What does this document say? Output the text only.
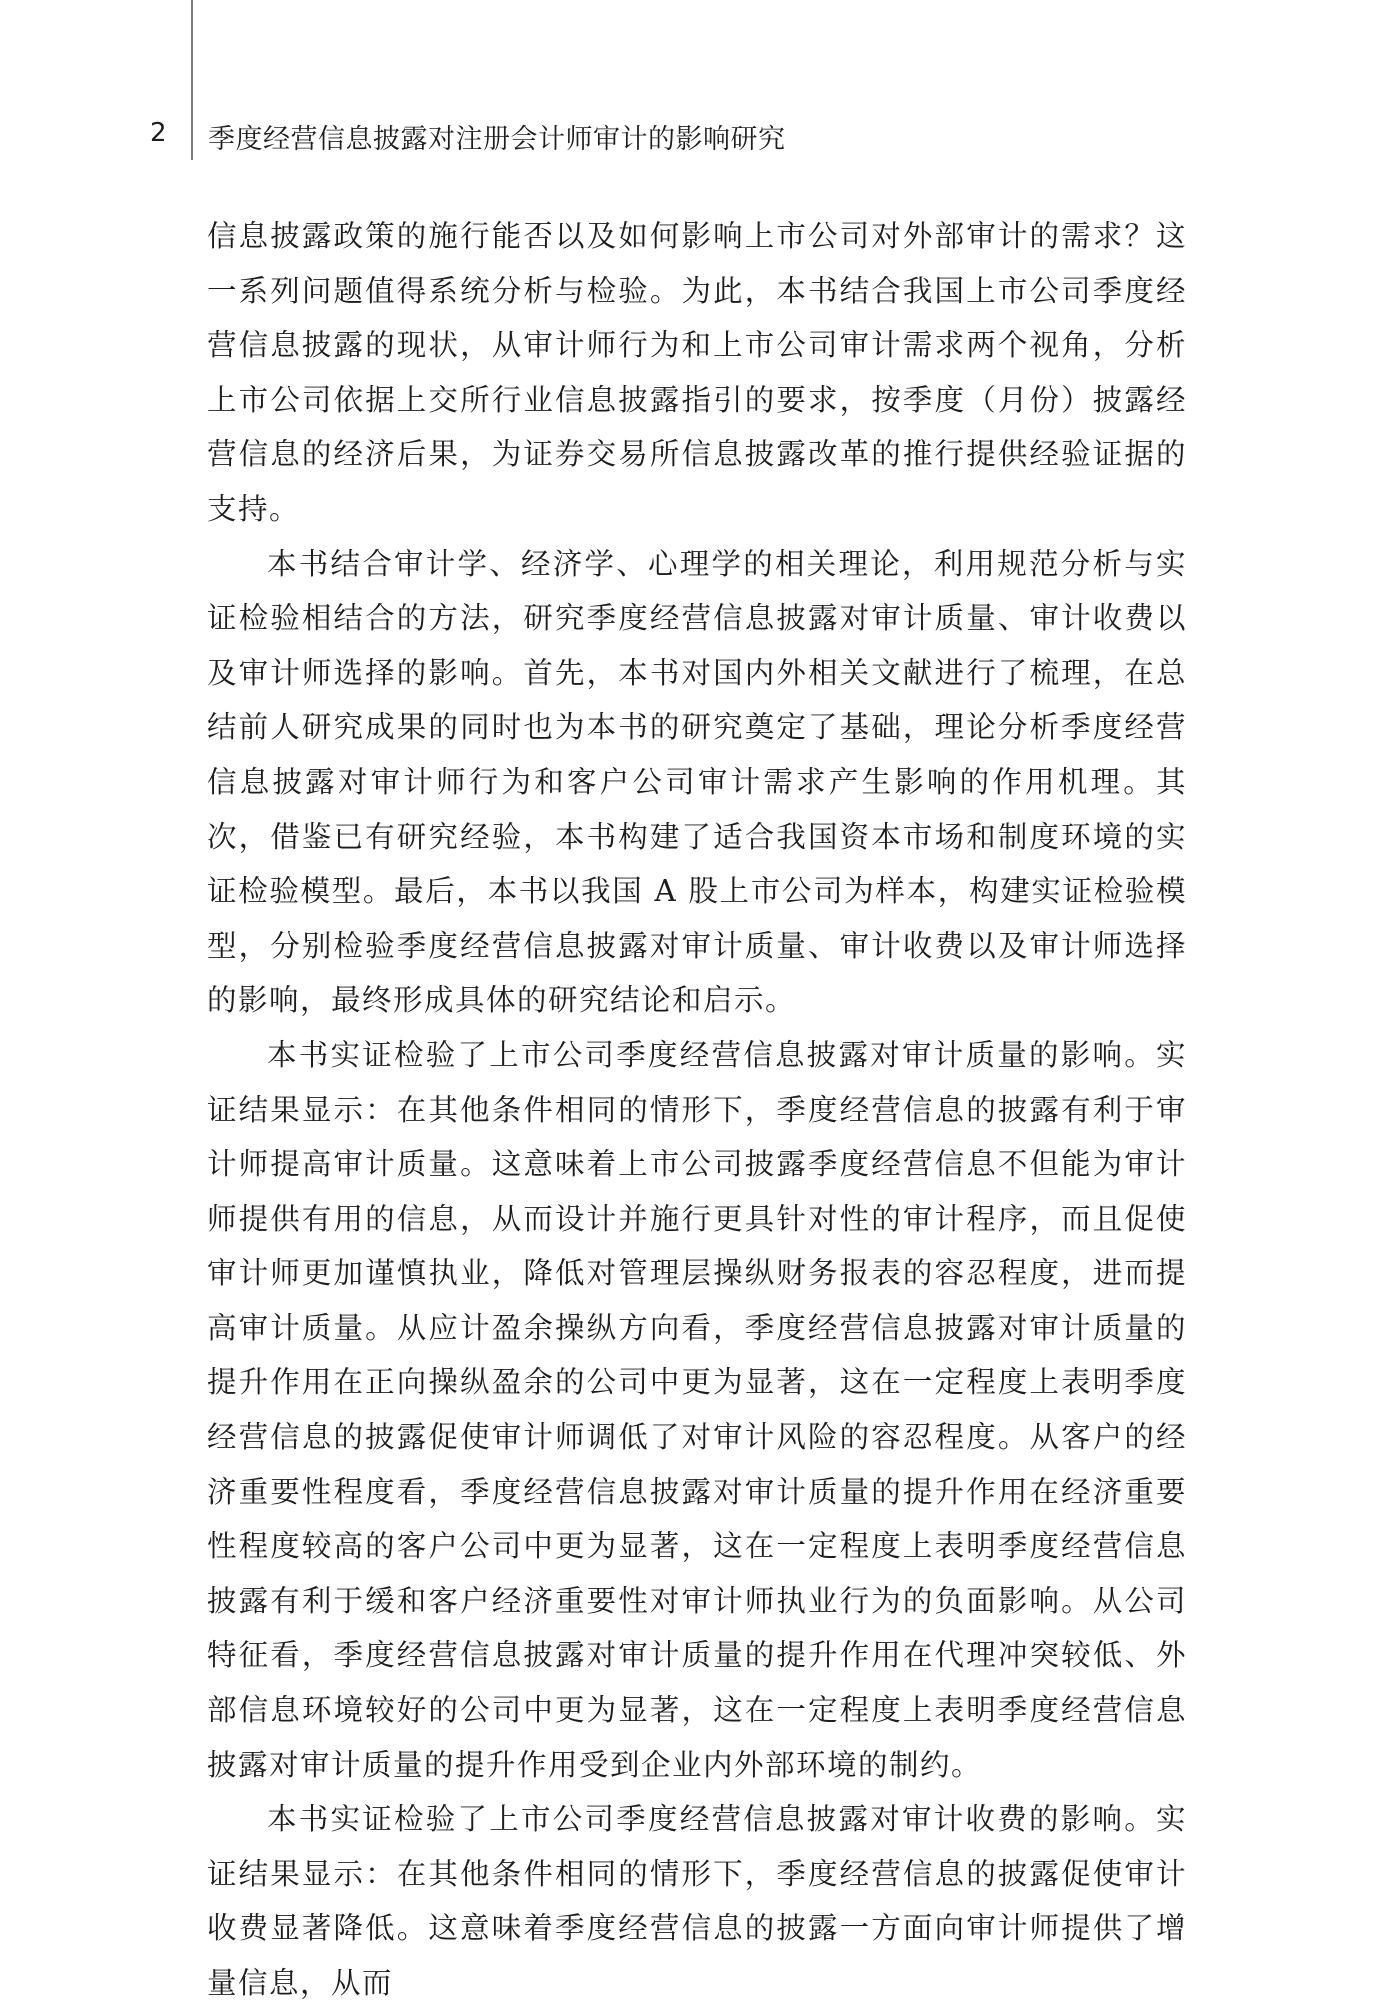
2 季度经营信息披露对注册会计师审计的影响研究

信息披露政策的施行能否以及如何影响上市公司对外部审计的需求？这一系列问题值得系统分析与检验。为此，本书结合我国上市公司季度经营信息披露的现状，从审计师行为和上市公司审计需求两个视角，分析上市公司依据上交所行业信息披露指引的要求，按季度（月份）披露经营信息的经济后果，为证券交易所信息披露改革的推行提供经验证据的支持。

本书结合审计学、经济学、心理学的相关理论，利用规范分析与实证检验相结合的方法，研究季度经营信息披露对审计质量、审计收费以及审计师选择的影响。首先，本书对国内外相关文献进行了梳理，在总结前人研究成果的同时也为本书的研究奠定了基础，理论分析季度经营信息披露对审计师行为和客户公司审计需求产生影响的作用机理。其次，借鉴已有研究经验，本书构建了适合我国资本市场和制度环境的实证检验模型。最后，本书以我国 A 股上市公司为样本，构建实证检验模型，分别检验季度经营信息披露对审计质量、审计收费以及审计师选择的影响，最终形成具体的研究结论和启示。

本书实证检验了上市公司季度经营信息披露对审计质量的影响。实证结果显示：在其他条件相同的情形下，季度经营信息的披露有利于审计师提高审计质量。这意味着上市公司披露季度经营信息不但能为审计师提供有用的信息，从而设计并施行更具针对性的审计程序，而且促使审计师更加谨慎执业，降低对管理层操纵财务报表的容忍程度，进而提高审计质量。从应计盈余操纵方向看，季度经营信息披露对审计质量的提升作用在正向操纵盈余的公司中更为显著，这在一定程度上表明季度经营信息的披露促使审计师调低了对审计风险的容忍程度。从客户的经济重要性程度看，季度经营信息披露对审计质量的提升作用在经济重要性程度较高的客户公司中更为显著，这在一定程度上表明季度经营信息披露有利于缓和客户经济重要性对审计师执业行为的负面影响。从公司特征看，季度经营信息披露对审计质量的提升作用在代理冲突较低、外部信息环境较好的公司中更为显著，这在一定程度上表明季度经营信息披露对审计质量的提升作用受到企业内外部环境的制约。

本书实证检验了上市公司季度经营信息披露对审计收费的影响。实证结果显示：在其他条件相同的情形下，季度经营信息的披露促使审计收费显著降低。这意味着季度经营信息的披露一方面向审计师提供了增量信息，从而
